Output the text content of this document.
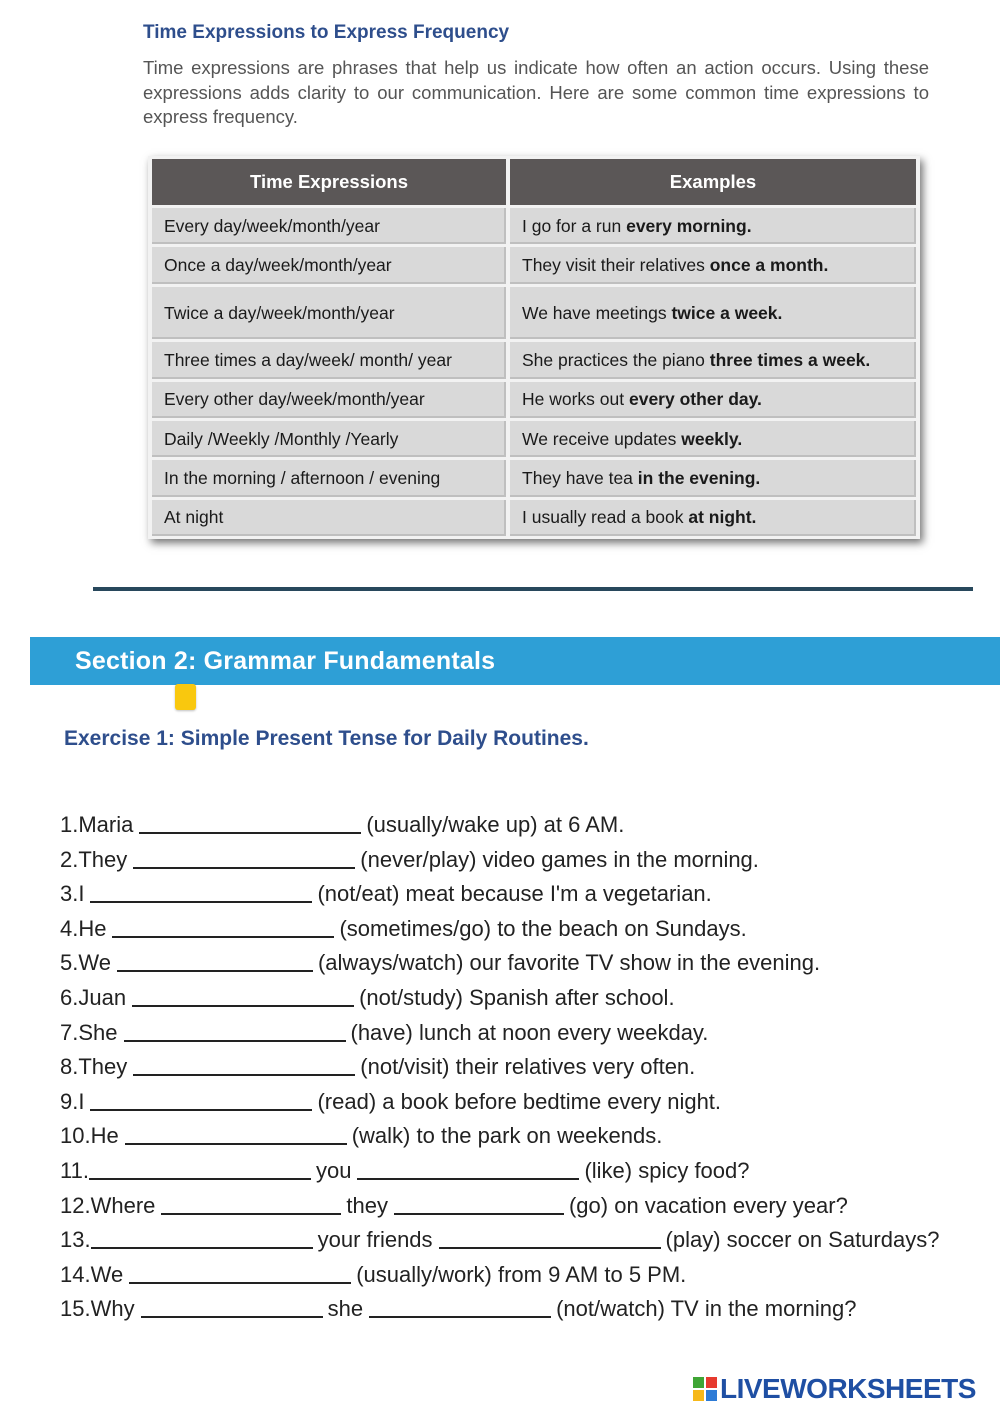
Time Expressions to Express Frequency
Time expressions are phrases that help us indicate how often an action occurs. Using these expressions adds clarity to our communication. Here are some common time expressions to express frequency.
Time Expressions	Examples
Every day/week/month/year	I go for a run every morning.
Once a day/week/month/year	They visit their relatives once a month.
Twice a day/week/month/year	We have meetings twice a week.
Three times a day/week/ month/ year	She practices the piano three times a week.
Every other day/week/month/year	He works out every other day.
Daily /Weekly /Monthly /Yearly	We receive updates weekly.
In the morning / afternoon / evening	They have tea in the evening.
At night	I usually read a book at night.
Section 2: Grammar Fundamentals
Exercise 1: Simple Present Tense for Daily Routines.
1.Maria	(usually/wake up) at 6 AM.
2.They	(never/play) video games in the morning.
3.I	(not/eat) meat because I'm a vegetarian.
4.He	(sometimes/go) to the beach on Sundays.
5.We	(always/watch) our favorite TV show in the evening.
6.Juan	(not/study) Spanish after school.
7.She	(have) lunch at noon every weekday.
8.They	(not/visit) their relatives very often.
9.I	(read) a book before bedtime every night.
10.He	(walk) to the park on weekends.
11.	you	(like) spicy food?
12.Where	they	(go) on vacation every year?
13.	your friends	(play) soccer on Saturdays?
14.We	(usually/work) from 9 AM to 5 PM.
15.Why	she	(not/watch) TV in the morning?
LIVEWORKSHEETS
